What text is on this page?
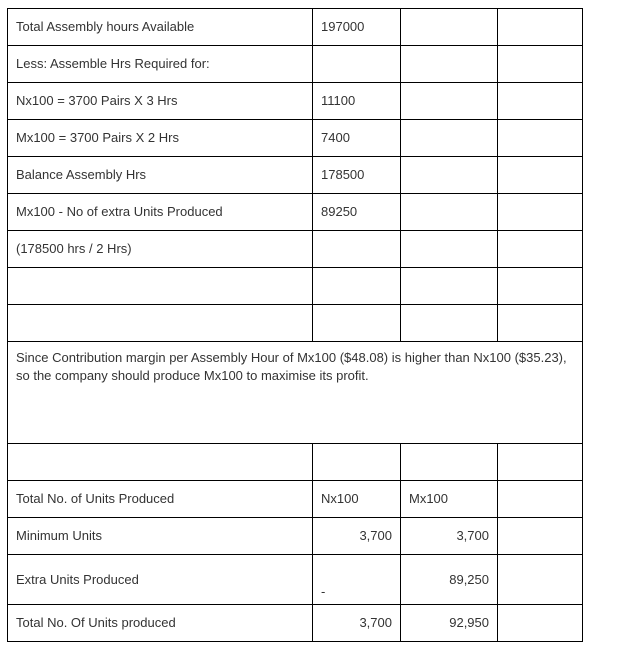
Total Assembly hours Available	197000		
Less: Assemble Hrs Required for:			
Nx100 = 3700 Pairs X 3 Hrs	11100		
Mx100 = 3700 Pairs X 2 Hrs	7400		
Balance Assembly Hrs	178500		
Mx100 - No of extra Units Produced	89250		
(178500 hrs / 2 Hrs)			

Since Contribution margin per Assembly Hour of Mx100 ($48.08) is higher than Nx100 ($35.23), so the company should produce Mx100 to maximise its profit.			

Total No. of Units Produced	Nx100	Mx100	
Minimum Units	3,700	3,700	
Extra Units Produced	-	89,250	
Total No. Of Units produced	3,700	92,950	
